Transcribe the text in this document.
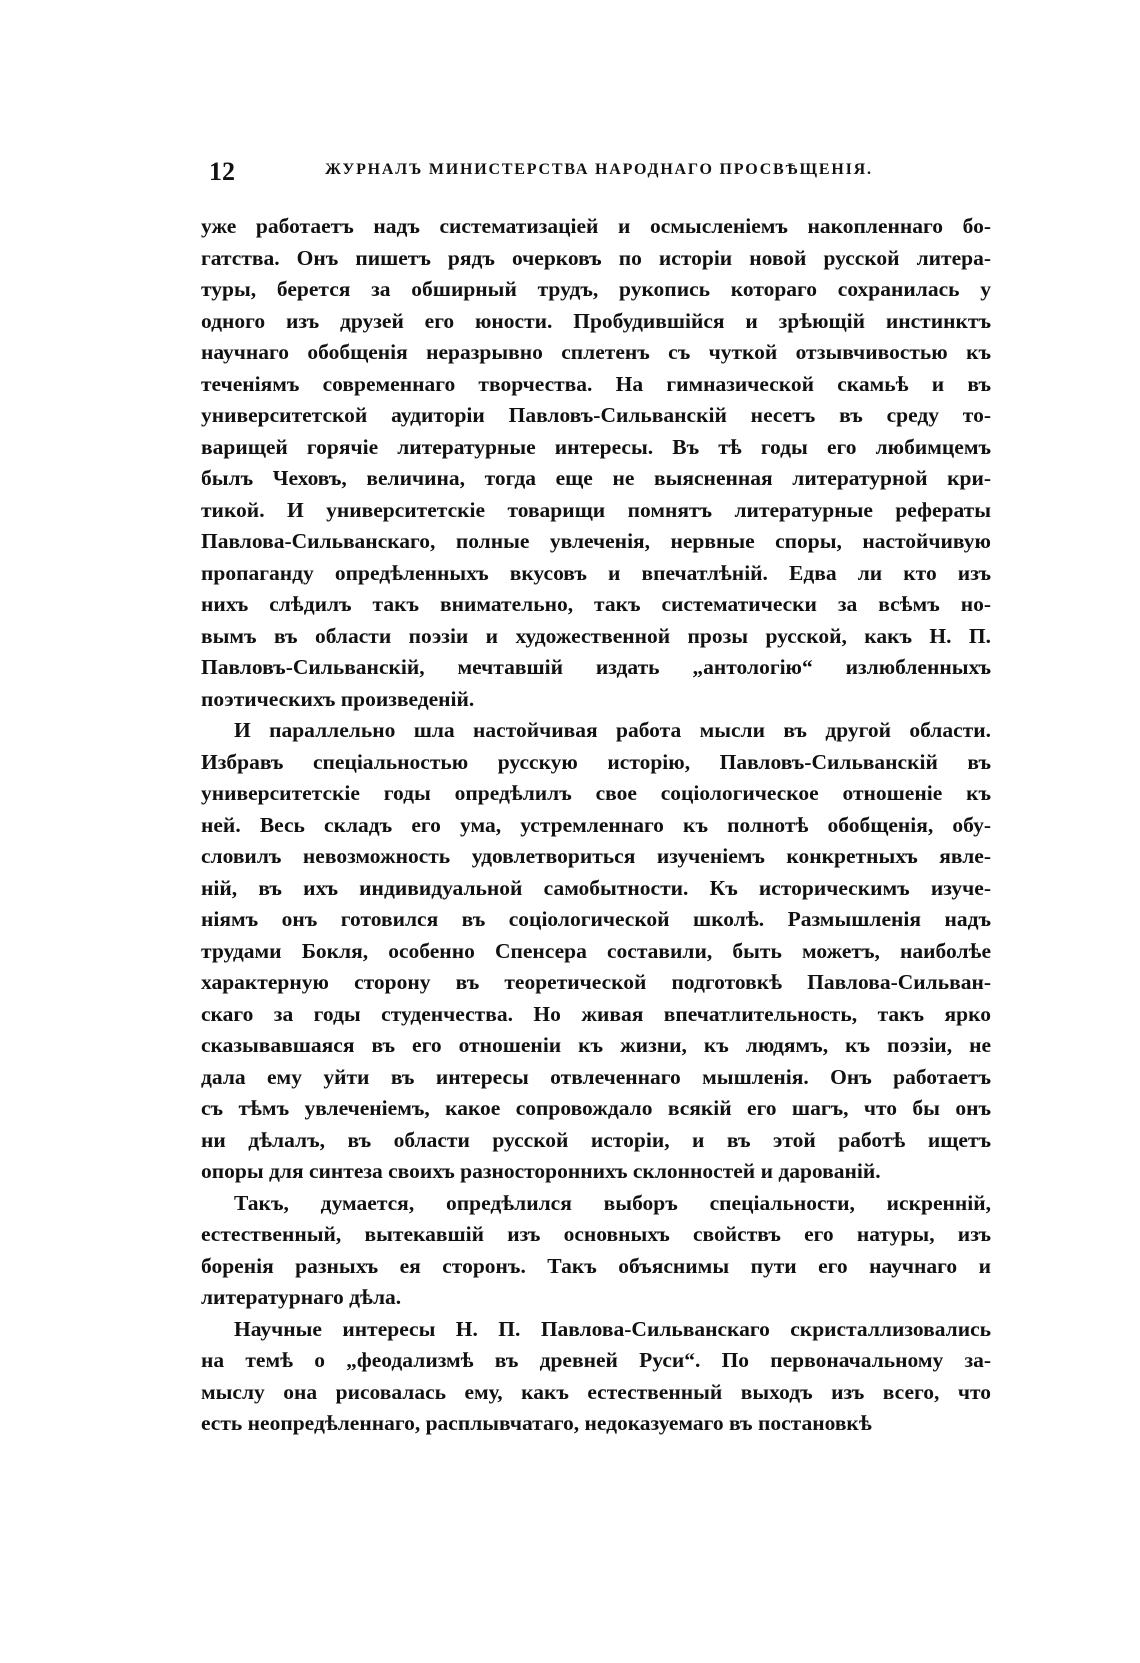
12	ЖУРНАЛЪ МИНИСТЕРСТВА НАРОДНАГО ПРОСВѢЩЕНІЯ.
уже работаетъ надъ систематизаціей и осмысленіемъ накопленнаго бо-
гатства. Онъ пишетъ рядъ очерковъ по исторіи новой русской литера-
туры, берется за обширный трудъ, рукопись котораго сохранилась у
одного изъ друзей его юности. Пробудившійся и зрѣющій инстинктъ
научнаго обобщенія неразрывно сплетенъ съ чуткой отзывчивостью къ
теченіямъ современнаго творчества. На гимназической скамьѣ и въ
университетской аудиторіи Павловъ-Сильванскій несетъ въ среду то-
варищей горячіе литературные интересы. Въ тѣ годы его любимцемъ
былъ Чеховъ, величина, тогда еще не выясненная литературной кри-
тикой. И университетскіе товарищи помнятъ литературные рефераты
Павлова-Сильванскаго, полные увлеченія, нервные споры, настойчивую
пропаганду опредѣленныхъ вкусовъ и впечатлѣній. Едва ли кто изъ
нихъ слѣдилъ такъ внимательно, такъ систематически за всѣмъ но-
вымъ въ области поэзіи и художественной прозы русской, какъ Н. П.
Павловъ-Сильванскій, мечтавшій издать „антологію“ излюбленныхъ
поэтическихъ произведеній.
И параллельно шла настойчивая работа мысли въ другой области.
Избравъ спеціальностью русскую исторію, Павловъ-Сильванскій въ
университетскіе годы опредѣлилъ свое соціологическое отношеніе къ
ней. Весь складъ его ума, устремленнаго къ полнотѣ обобщенія, обу-
словилъ невозможность удовлетвориться изученіемъ конкретныхъ явле-
ній, въ ихъ индивидуальной самобытности. Къ историческимъ изуче-
ніямъ онъ готовился въ соціологической школѣ. Размышленія надъ
трудами Бокля, особенно Спенсера составили, быть можетъ, наиболѣе
характерную сторону въ теоретической подготовкѣ Павлова-Сильван-
скаго за годы студенчества. Но живая впечатлительность, такъ ярко
сказывавшаяся въ его отношеніи къ жизни, къ людямъ, къ поэзіи, не
дала ему уйти въ интересы отвлеченнаго мышленія. Онъ работаетъ
съ тѣмъ увлеченіемъ, какое сопровождало всякій его шагъ, что бы онъ
ни дѣлалъ, въ области русской исторіи, и въ этой работѣ ищетъ
опоры для синтеза своихъ разностороннихъ склонностей и дарованій.
Такъ, думается, опредѣлился выборъ спеціальности, искренній,
естественный, вытекавшій изъ основныхъ свойствъ его натуры, изъ
боренія разныхъ ея сторонъ. Такъ объяснимы пути его научнаго и
литературнаго дѣла.
Научные интересы Н. П. Павлова-Сильванскаго скристаллизовались
на темѣ о „феодализмѣ въ древней Руси“. По первоначальному за-
мыслу она рисовалась ему, какъ естественный выходъ изъ всего, что
есть неопредѣленнаго, расплывчатаго, недоказуемаго въ постановкѣ
